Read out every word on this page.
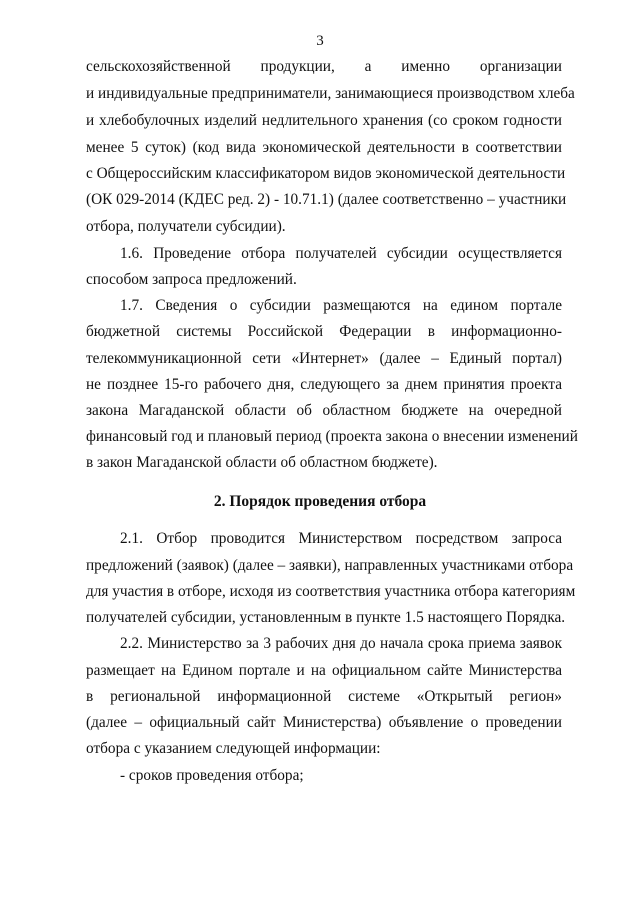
3
сельскохозяйственной продукции, а именно организации
и индивидуальные предприниматели, занимающиеся производством хлеба
и хлебобулочных изделий недлительного хранения (со сроком годности
менее 5 суток) (код вида экономической деятельности в соответствии
с Общероссийским классификатором видов экономической деятельности
(ОК 029-2014 (КДЕС ред. 2) - 10.71.1) (далее соответственно – участники
отбора, получатели субсидии).
1.6. Проведение отбора получателей субсидии осуществляется
способом запроса предложений.
1.7. Сведения о субсидии размещаются на едином портале
бюджетной системы Российской Федерации в информационно-
телекоммуникационной сети «Интернет» (далее – Единый портал)
не позднее 15-го рабочего дня, следующего за днем принятия проекта
закона Магаданской области об областном бюджете на очередной
финансовый год и плановый период (проекта закона о внесении изменений
в закон Магаданской области об областном бюджете).
2. Порядок проведения отбора
2.1. Отбор проводится Министерством посредством запроса
предложений (заявок) (далее – заявки), направленных участниками отбора
для участия в отборе, исходя из соответствия участника отбора категориям
получателей субсидии, установленным в пункте 1.5 настоящего Порядка.
2.2. Министерство за 3 рабочих дня до начала срока приема заявок
размещает на Едином портале и на официальном сайте Министерства
в региональной информационной системе «Открытый регион»
(далее – официальный сайт Министерства) объявление о проведении
отбора с указанием следующей информации:
- сроков проведения отбора;
